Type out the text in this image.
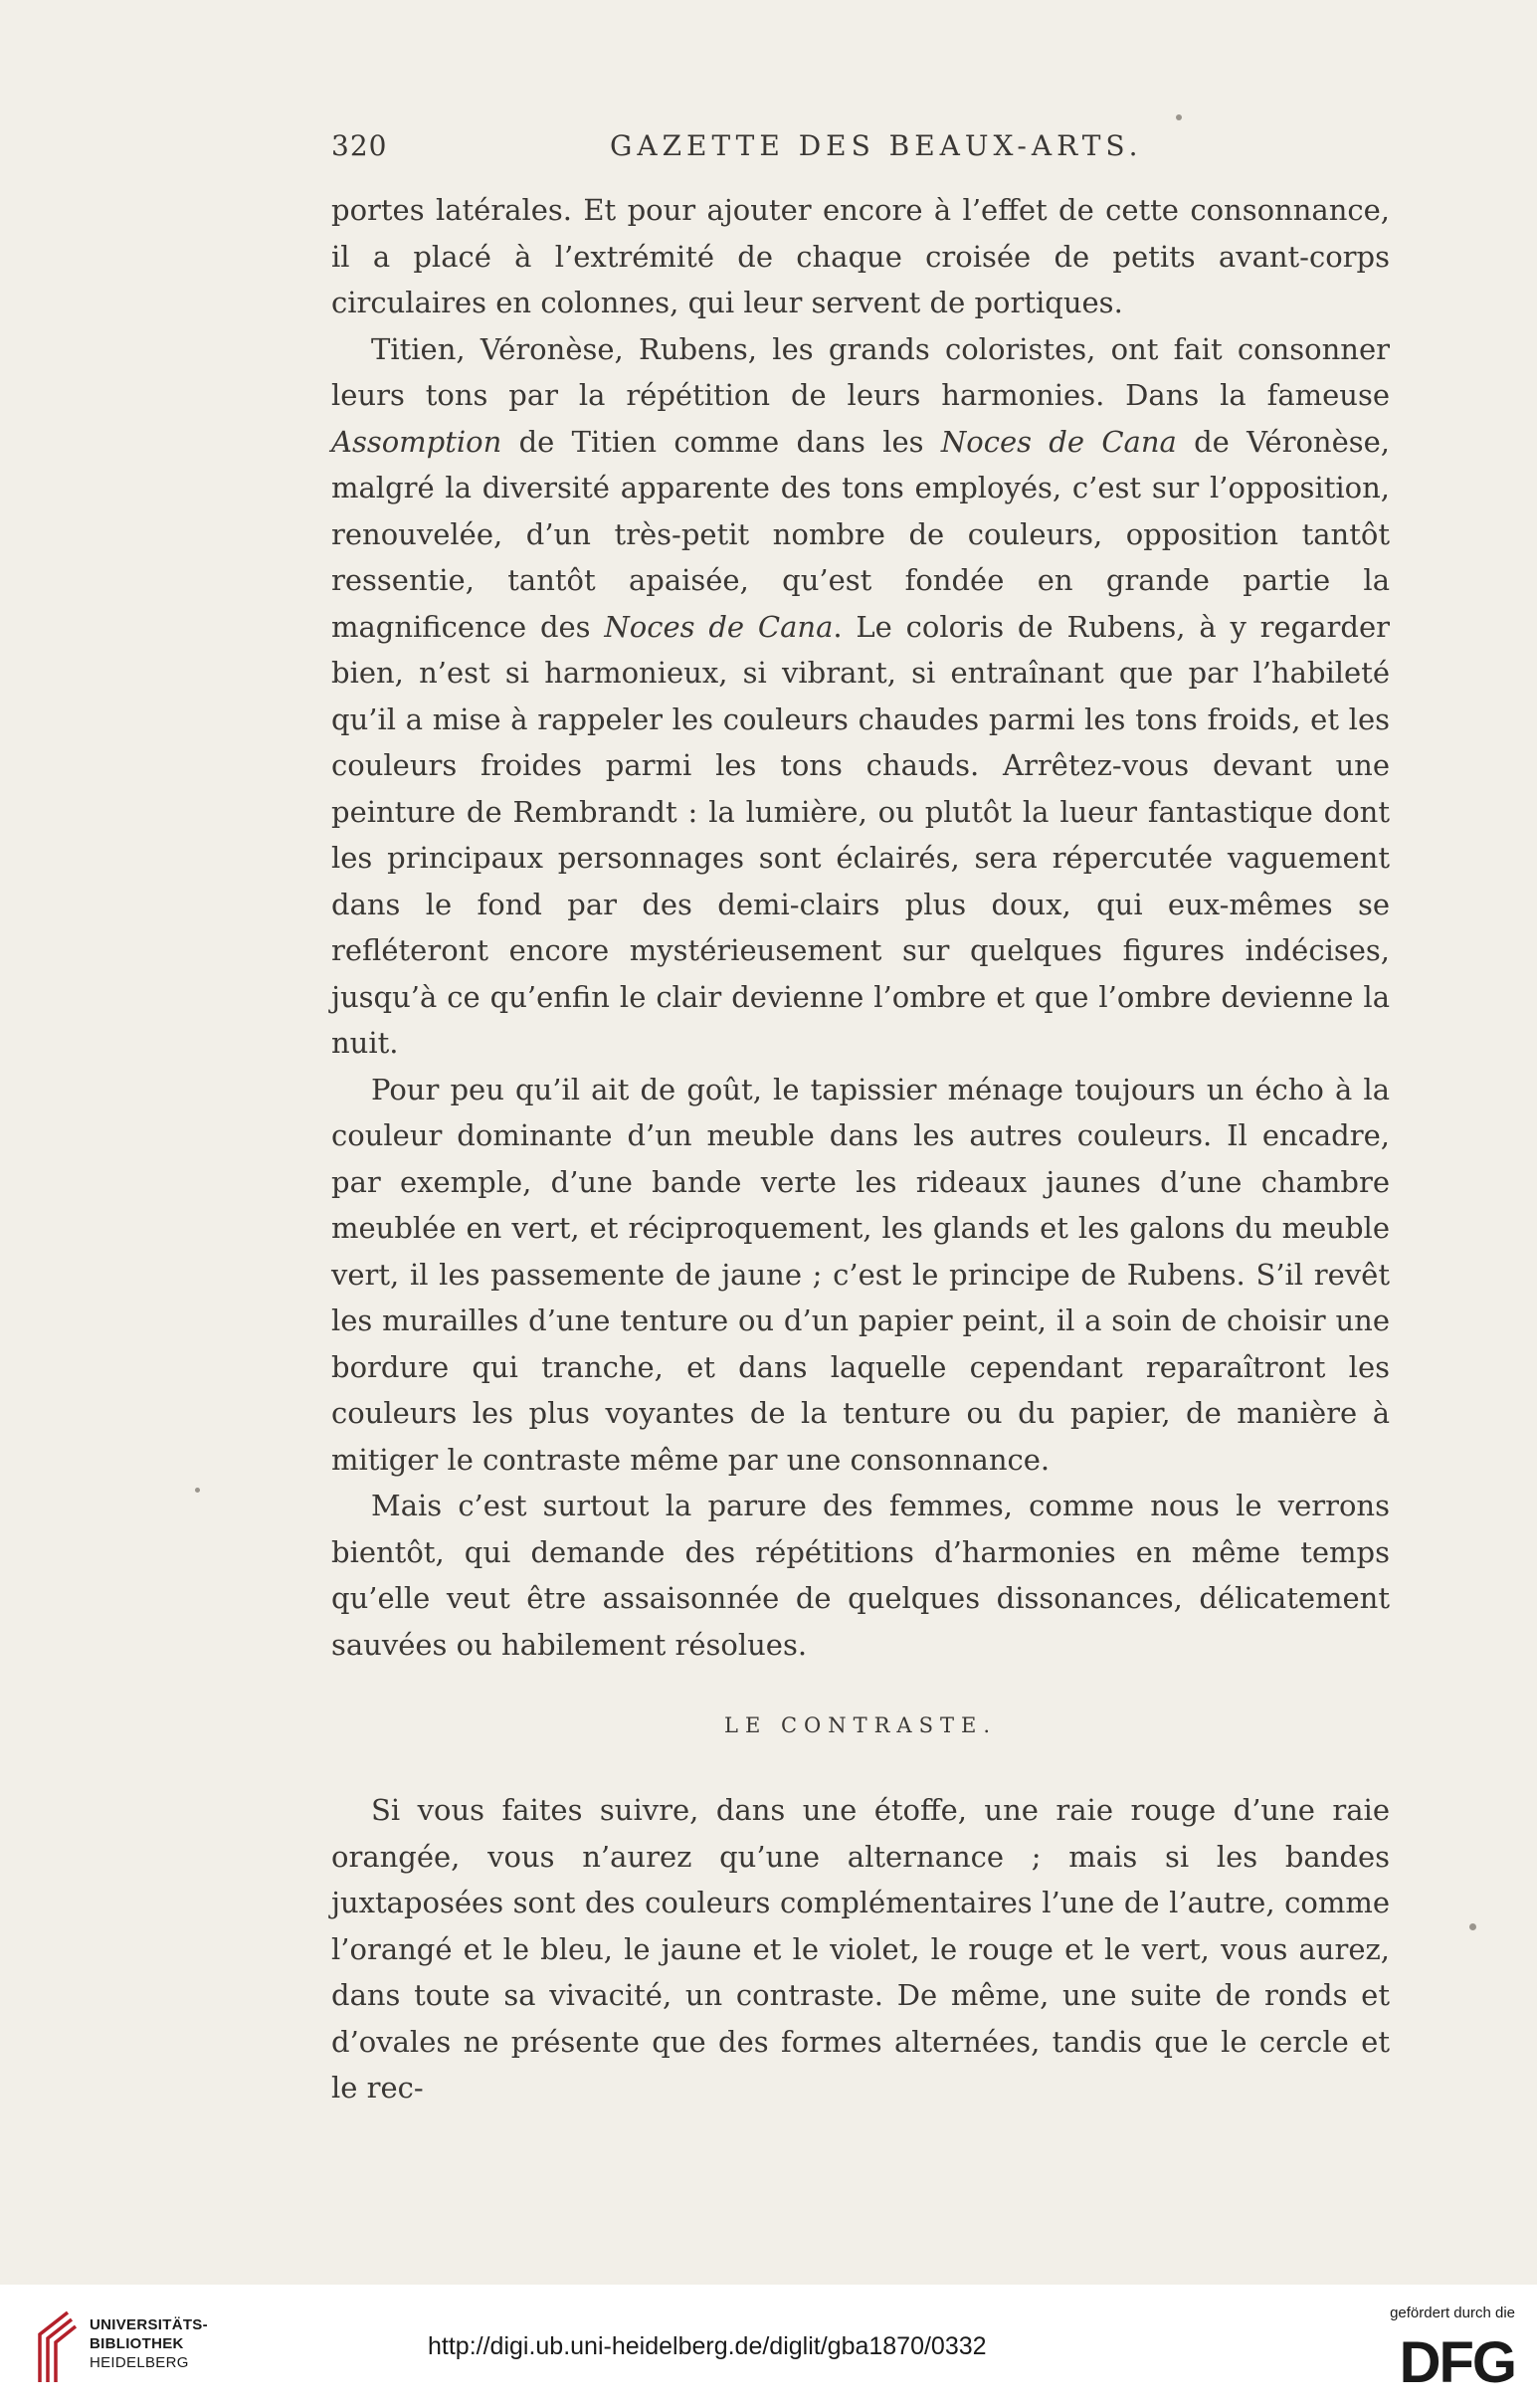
320	GAZETTE DES BEAUX-ARTS.

portes latérales. Et pour ajouter encore à l’effet de cette consonnance, il a placé à l’extrémité de chaque croisée de petits avant-corps circulaires en colonnes, qui leur servent de portiques.

Titien, Véronèse, Rubens, les grands coloristes, ont fait consonner leurs tons par la répétition de leurs harmonies. Dans la fameuse Assomption de Titien comme dans les Noces de Cana de Véronèse, malgré la diversité apparente des tons employés, c’est sur l’opposition, renouvelée, d’un très-petit nombre de couleurs, opposition tantôt ressentie, tantôt apaisée, qu’est fondée en grande partie la magnificence des Noces de Cana. Le coloris de Rubens, à y regarder bien, n’est si harmonieux, si vibrant, si entraînant que par l’habileté qu’il a mise à rappeler les couleurs chaudes parmi les tons froids, et les couleurs froides parmi les tons chauds. Arrêtez-vous devant une peinture de Rembrandt : la lumière, ou plutôt la lueur fantastique dont les principaux personnages sont éclairés, sera répercutée vaguement dans le fond par des demi-clairs plus doux, qui eux-mêmes se refléteront encore mystérieusement sur quelques figures indécises, jusqu’à ce qu’enfin le clair devienne l’ombre et que l’ombre devienne la nuit.

Pour peu qu’il ait de goût, le tapissier ménage toujours un écho à la couleur dominante d’un meuble dans les autres couleurs. Il encadre, par exemple, d’une bande verte les rideaux jaunes d’une chambre meublée en vert, et réciproquement, les glands et les galons du meuble vert, il les passemente de jaune ; c’est le principe de Rubens. S’il revêt les murailles d’une tenture ou d’un papier peint, il a soin de choisir une bordure qui tranche, et dans laquelle cependant reparaîtront les couleurs les plus voyantes de la tenture ou du papier, de manière à mitiger le contraste même par une consonnance.

Mais c’est surtout la parure des femmes, comme nous le verrons bientôt, qui demande des répétitions d’harmonies en même temps qu’elle veut être assaisonnée de quelques dissonances, délicatement sauvées ou habilement résolues.

LE CONTRASTE.

Si vous faites suivre, dans une étoffe, une raie rouge d’une raie orangée, vous n’aurez qu’une alternance ; mais si les bandes juxtaposées sont des couleurs complémentaires l’une de l’autre, comme l’orangé et le bleu, le jaune et le violet, le rouge et le vert, vous aurez, dans toute sa vivacité, un contraste. De même, une suite de ronds et d’ovales ne présente que des formes alternées, tandis que le cercle et le rec-

UNIVERSITÄTS-
BIBLIOTHEK
HEIDELBERG
http://digi.ub.uni-heidelberg.de/diglit/gba1870/0332
gefördert durch die
DFG
